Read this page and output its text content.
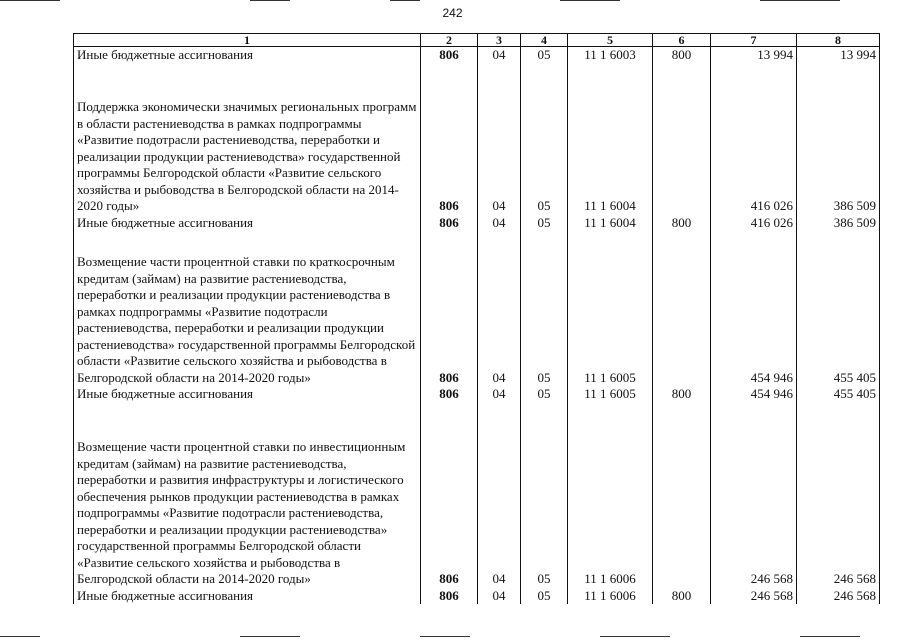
242
1	2	3	4	5	6	7	8
Иные бюджетные ассигнования	806	04	05	11 1 6003	800	13 994	13 994
Поддержка экономически значимых региональных программ в области растениеводства в рамках подпрограммы «Развитие подотрасли растениеводства, переработки и реализации продукции растениеводства» государственной программы Белгородской области «Развитие сельского хозяйства и рыбоводства в Белгородской области на 2014-2020 годы»	806	04	05	11 1 6004		416 026	386 509
Иные бюджетные ассигнования	806	04	05	11 1 6004	800	416 026	386 509
Возмещение части процентной ставки по краткосрочным кредитам (займам) на развитие растениеводства, переработки и реализации продукции растениеводства в рамках подпрограммы «Развитие подотрасли растениеводства, переработки и реализации продукции растениеводства» государственной программы Белгородской области «Развитие сельского хозяйства и рыбоводства в Белгородской области на 2014-2020 годы»	806	04	05	11 1 6005		454 946	455 405
Иные бюджетные ассигнования	806	04	05	11 1 6005	800	454 946	455 405
Возмещение части процентной ставки по инвестиционным кредитам (займам) на развитие растениеводства, переработки и развития инфраструктуры и логистического обеспечения рынков продукции растениеводства в рамках подпрограммы «Развитие подотрасли растениеводства, переработки и реализации продукции растениеводства» государственной программы Белгородской области «Развитие сельского хозяйства и рыбоводства в Белгородской области на 2014-2020 годы»	806	04	05	11 1 6006		246 568	246 568
Иные бюджетные ассигнования	806	04	05	11 1 6006	800	246 568	246 568
